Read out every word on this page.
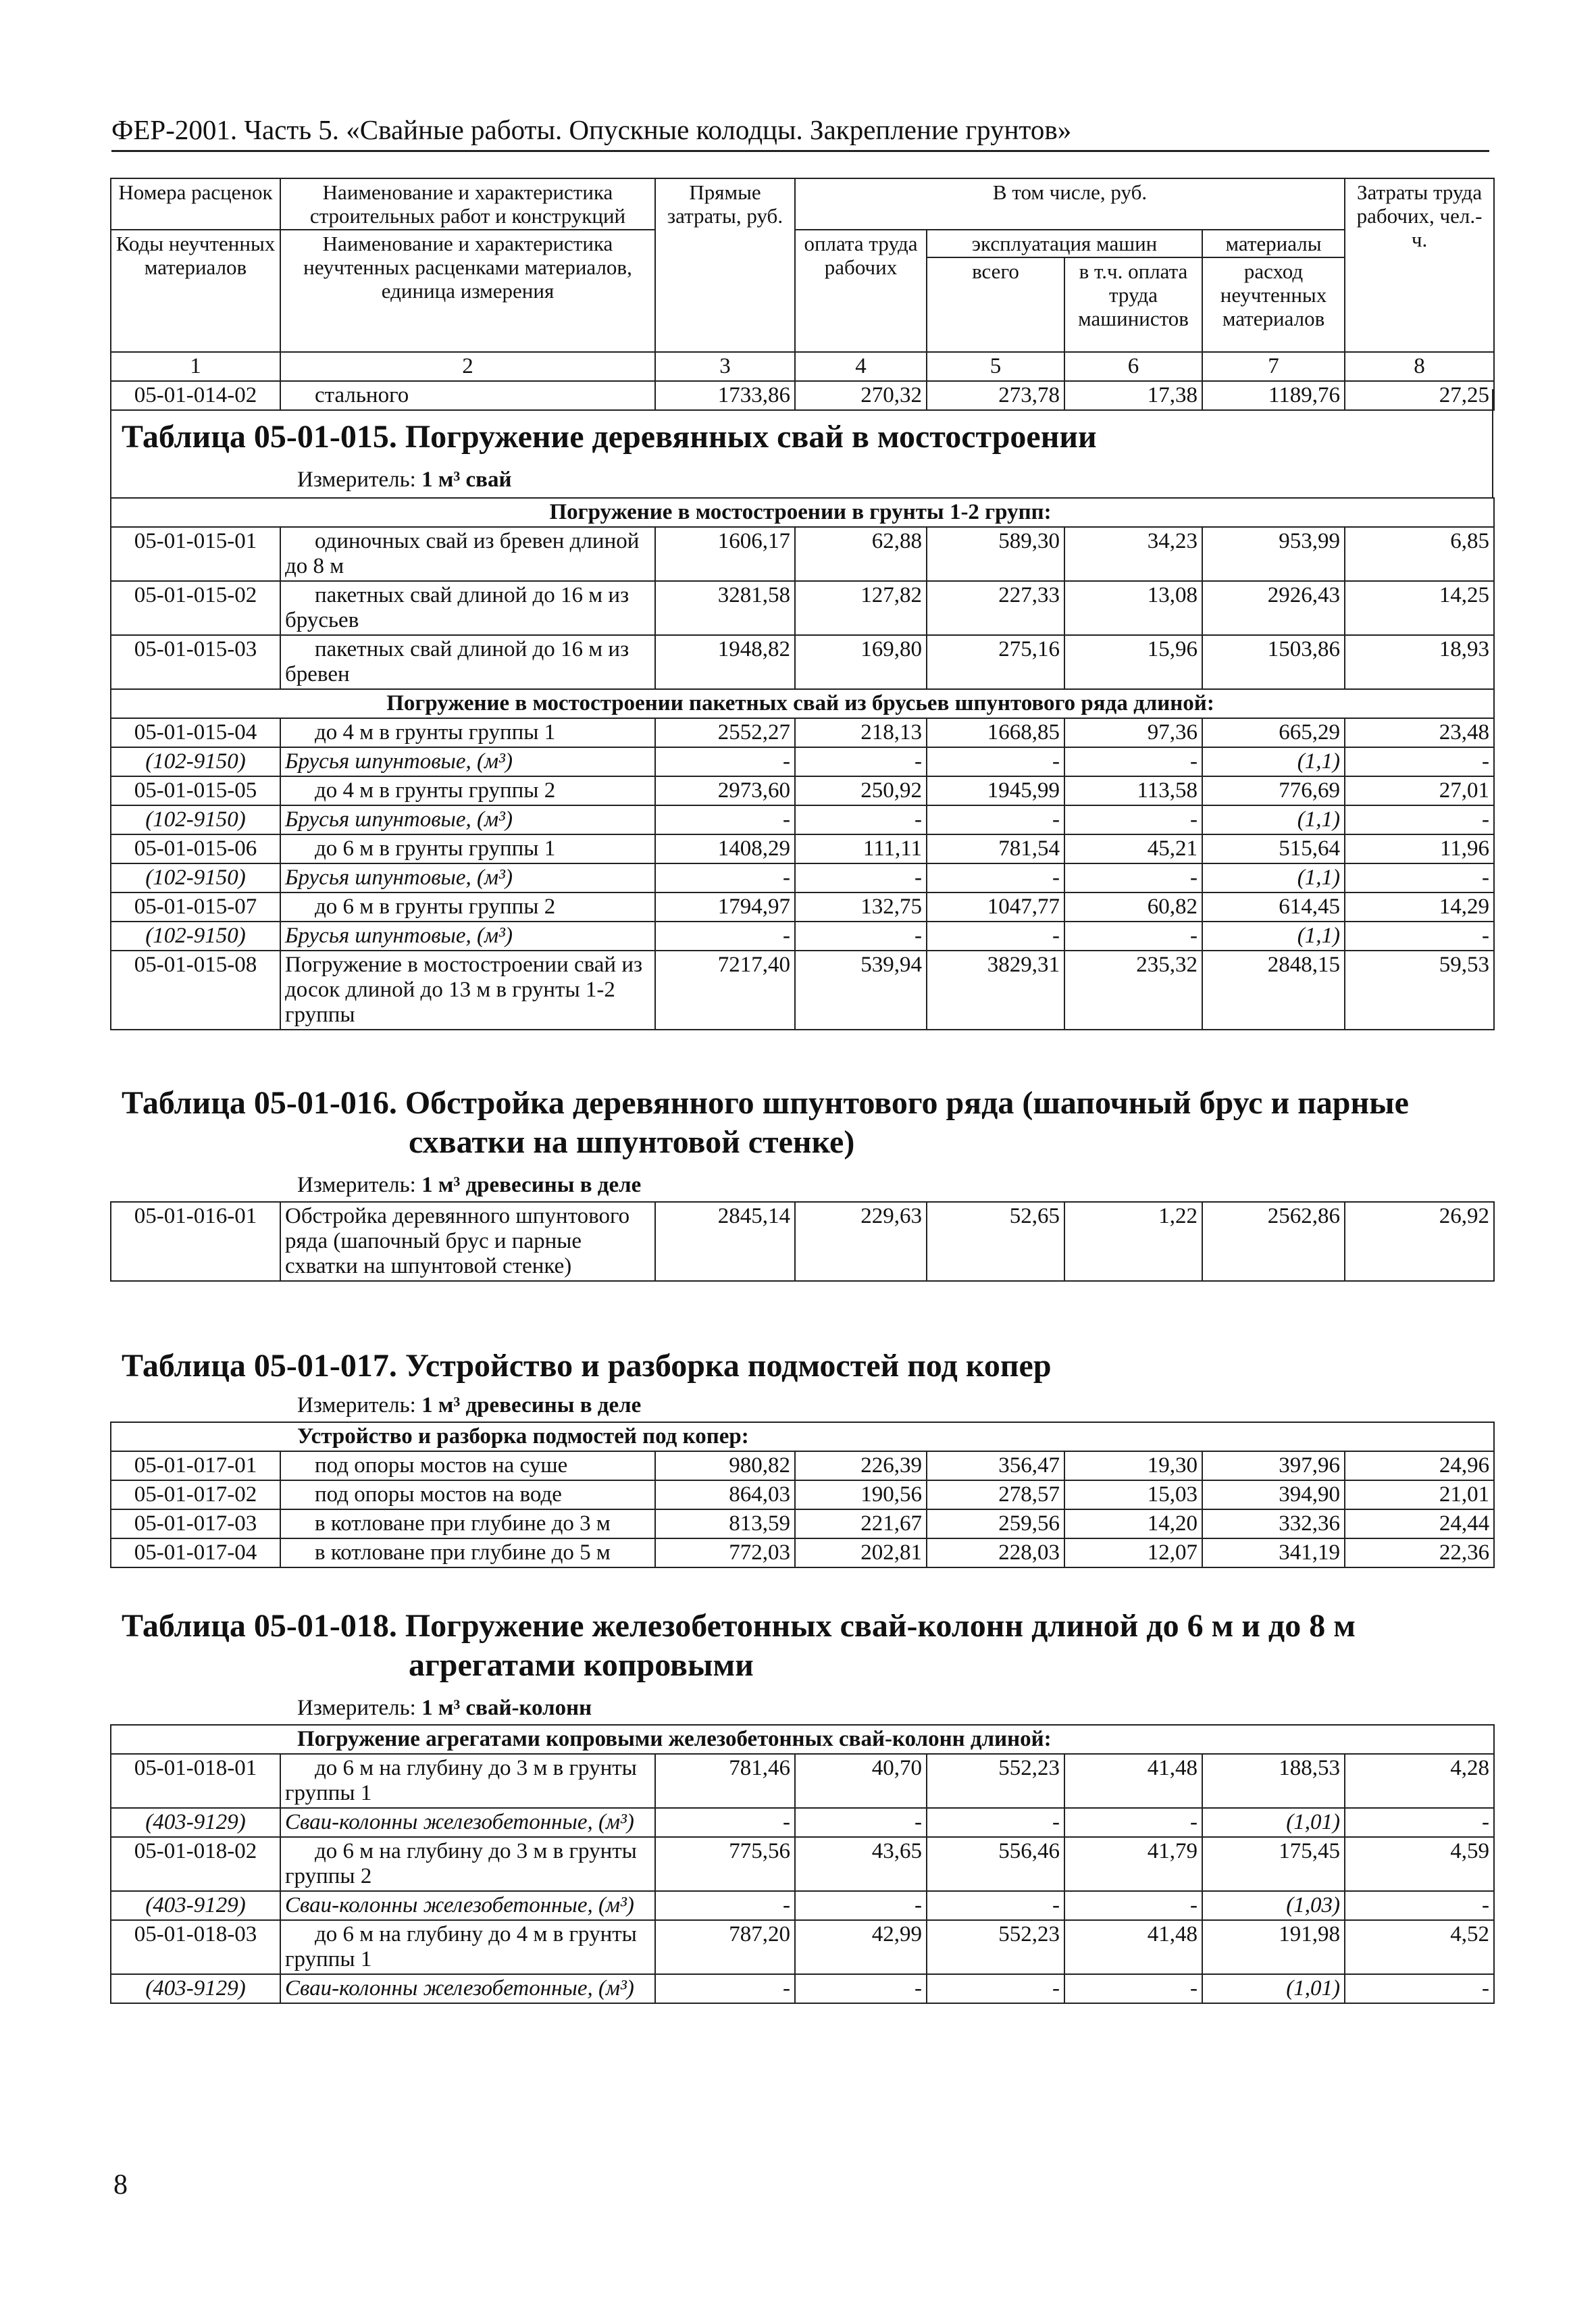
ФЕР-2001. Часть 5. «Свайные работы. Опускные колодцы. Закрепление грунтов»
Номера расценок	Наименование и характеристика строительных работ и конструкций	Прямые затраты, руб.	В том числе, руб.				Затраты труда рабочих, чел.-ч.
Коды неучтенных материалов	Наименование и характеристика неучтенных расценками материалов, единица измерения		оплата труда рабочих	эксплуатация машин		материалы	
				всего	в т.ч. оплата труда машинистов	расход неучтенных материалов	
1	2	3	4	5	6	7	8
05-01-014-02	стального	1733,86	270,32	273,78	17,38	1189,76	27,25
Таблица 05-01-015. Погружение деревянных свай в мостостроении
Измеритель: 1 м³ свай
Погружение в мостостроении в грунты 1-2 групп:							
05-01-015-01	одиночных свай из бревен длиной до 8 м	1606,17	62,88	589,30	34,23	953,99	6,85
05-01-015-02	пакетных свай длиной до 16 м из брусьев	3281,58	127,82	227,33	13,08	2926,43	14,25
05-01-015-03	пакетных свай длиной до 16 м из бревен	1948,82	169,80	275,16	15,96	1503,86	18,93
Погружение в мостостроении пакетных свай из брусьев шпунтового ряда длиной:							
05-01-015-04	до 4 м в грунты группы 1	2552,27	218,13	1668,85	97,36	665,29	23,48
(102-9150)	Брусья шпунтовые, (м³)	-	-	-	-	(1,1)	-
05-01-015-05	до 4 м в грунты группы 2	2973,60	250,92	1945,99	113,58	776,69	27,01
(102-9150)	Брусья шпунтовые, (м³)	-	-	-	-	(1,1)	-
05-01-015-06	до 6 м в грунты группы 1	1408,29	111,11	781,54	45,21	515,64	11,96
(102-9150)	Брусья шпунтовые, (м³)	-	-	-	-	(1,1)	-
05-01-015-07	до 6 м в грунты группы 2	1794,97	132,75	1047,77	60,82	614,45	14,29
(102-9150)	Брусья шпунтовые, (м³)	-	-	-	-	(1,1)	-
05-01-015-08	Погружение в мостостроении свай из досок длиной до 13 м в грунты 1-2 группы	7217,40	539,94	3829,31	235,32	2848,15	59,53
Таблица 05-01-016. Обстройка деревянного шпунтового ряда (шапочный брус и парные
схватки на шпунтовой стенке)
Измеритель: 1 м³ древесины в деле
05-01-016-01	Обстройка деревянного шпунтового ряда (шапочный брус и парные схватки на шпунтовой стенке)	2845,14	229,63	52,65	1,22	2562,86	26,92
Таблица 05-01-017. Устройство и разборка подмостей под копер
Измеритель: 1 м³ древесины в деле
Устройство и разборка подмостей под копер:							
05-01-017-01	под опоры мостов на суше	980,82	226,39	356,47	19,30	397,96	24,96
05-01-017-02	под опоры мостов на воде	864,03	190,56	278,57	15,03	394,90	21,01
05-01-017-03	в котловане при глубине до 3 м	813,59	221,67	259,56	14,20	332,36	24,44
05-01-017-04	в котловане при глубине до 5 м	772,03	202,81	228,03	12,07	341,19	22,36
Таблица 05-01-018. Погружение железобетонных свай-колонн длиной до 6 м и до 8 м
агрегатами копровыми
Измеритель: 1 м³ свай-колонн
Погружение агрегатами копровыми железобетонных свай-колонн длиной:							
05-01-018-01	до 6 м на глубину до 3 м в грунты группы 1	781,46	40,70	552,23	41,48	188,53	4,28
(403-9129)	Сваи-колонны железобетонные, (м³)	-	-	-	-	(1,01)	-
05-01-018-02	до 6 м на глубину до 3 м в грунты группы 2	775,56	43,65	556,46	41,79	175,45	4,59
(403-9129)	Сваи-колонны железобетонные, (м³)	-	-	-	-	(1,03)	-
05-01-018-03	до 6 м на глубину до 4 м в грунты группы 1	787,20	42,99	552,23	41,48	191,98	4,52
(403-9129)	Сваи-колонны железобетонные, (м³)	-	-	-	-	(1,01)	-
8
